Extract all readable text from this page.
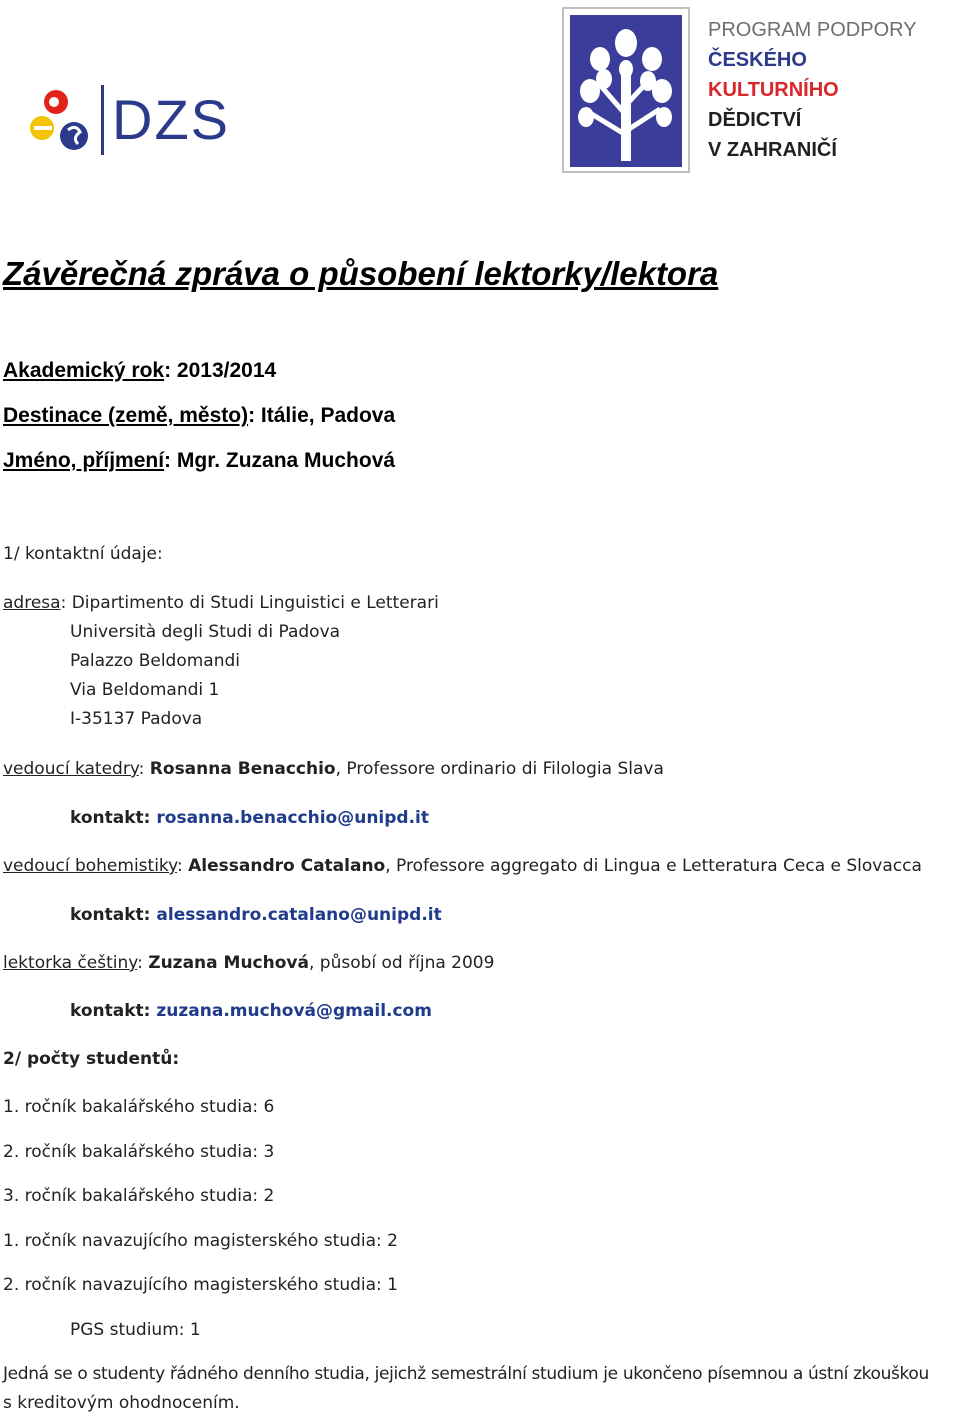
DZS
PROGRAM PODPORY
ČESKÉHO
KULTURNÍHO
DĚDICTVÍ
V ZAHRANIČÍ
Závěrečná zpráva o působení lektorky/lektora
Akademický rok: 2013/2014
Destinace (země, město): Itálie, Padova
Jméno, příjmení: Mgr. Zuzana Muchová
1/ kontaktní údaje:
adresa: Dipartimento di Studi Linguistici e Letterari
Università degli Studi di Padova
Palazzo Beldomandi
Via Beldomandi 1
I-35137 Padova
vedoucí katedry: Rosanna Benacchio, Professore ordinario di Filologia Slava
kontakt: rosanna.benacchio@unipd.it
vedoucí bohemistiky: Alessandro Catalano, Professore aggregato di Lingua e Letteratura Ceca e Slovacca
kontakt: alessandro.catalano@unipd.it
lektorka češtiny: Zuzana Muchová, působí od října 2009
kontakt: zuzana.muchová@gmail.com
2/ počty studentů:
1. ročník bakalářského studia: 6
2. ročník bakalářského studia: 3
3. ročník bakalářského studia: 2
1. ročník navazujícího magisterského studia: 2
2. ročník navazujícího magisterského studia: 1
PGS studium: 1
Jedná se o studenty řádného denního studia, jejichž semestrální studium je ukončeno písemnou a ústní zkouškou
s kreditovým ohodnocením.
